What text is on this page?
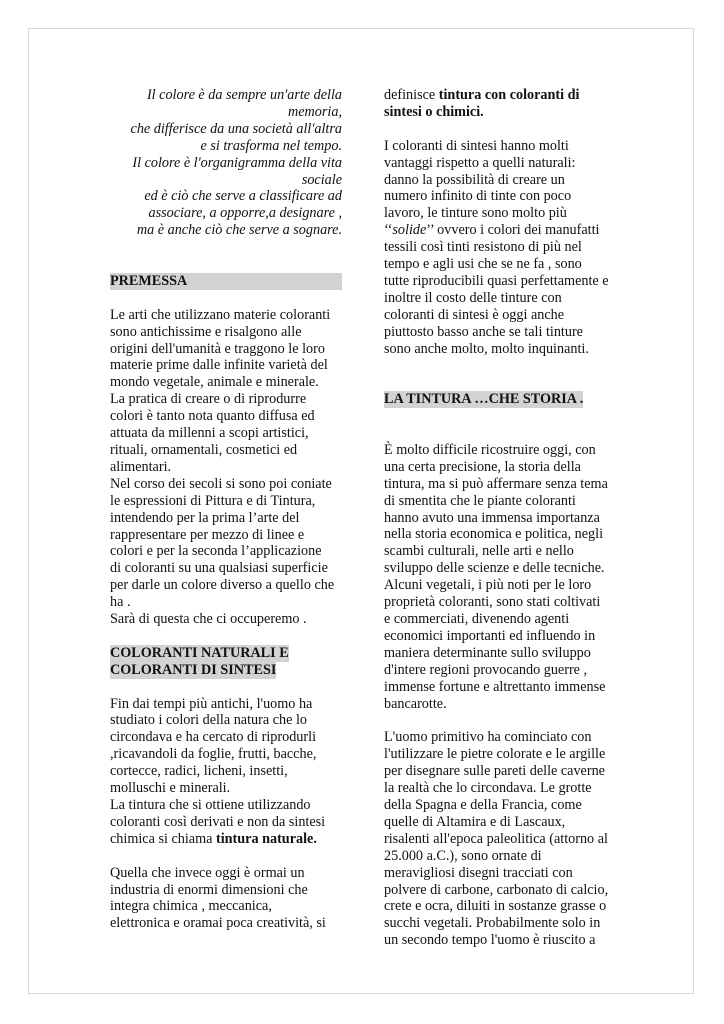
Il colore è da sempre un'arte della
memoria,
che differisce da una società all'altra
e si trasforma nel tempo.
Il colore è l'organigramma della vita
sociale
ed è ciò che serve a classificare ad
associare, a opporre,a designare ,
ma è anche ciò che serve a sognare.
PREMESSA
Le arti che utilizzano materie coloranti
sono antichissime e risalgono alle
origini dell'umanità e traggono le loro
materie prime dalle infinite varietà del
mondo vegetale, animale e minerale.
La pratica di creare o di riprodurre
colori è tanto nota quanto diffusa ed
attuata da millenni a scopi artistici,
rituali, ornamentali, cosmetici ed
alimentari.
Nel corso dei secoli si sono poi coniate
le espressioni di Pittura e di Tintura,
intendendo per la prima l’arte del
rappresentare per mezzo di linee e
colori e per la seconda l’applicazione
di coloranti su una qualsiasi superficie
per darle un colore diverso a quello che
ha .
Sarà di questa che ci occuperemo .
COLORANTI NATURALI E
COLORANTI DI SINTESI
Fin dai tempi più antichi, l'uomo ha
studiato i colori della natura che lo
circondava e ha cercato di riprodurli
,ricavandoli da foglie, frutti, bacche,
cortecce, radici, licheni, insetti,
molluschi e minerali.
La tintura che si ottiene utilizzando
coloranti così derivati e non da sintesi
chimica si chiama tintura naturale.
Quella che invece oggi è ormai un
industria di enormi dimensioni che
integra chimica , meccanica,
elettronica e oramai poca creatività, si
definisce tintura con coloranti di
sintesi o chimici.
I coloranti di sintesi hanno molti
vantaggi rispetto a quelli naturali:
danno la possibilità di creare un
numero infinito di tinte con poco
lavoro, le tinture sono molto più
‘‘solide’’ ovvero i colori dei manufatti
tessili così tinti resistono di più nel
tempo e agli usi che se ne fa , sono
tutte riproducibili quasi perfettamente e
inoltre il costo delle tinture con
coloranti di sintesi è oggi anche
piuttosto basso anche se tali tinture
sono anche molto, molto inquinanti.
LA TINTURA …CHE STORIA .
È molto difficile ricostruire oggi, con
una certa precisione, la storia della
tintura, ma si può affermare senza tema
di smentita che le piante coloranti
hanno avuto una immensa importanza
nella storia economica e politica, negli
scambi culturali, nelle arti e nello
sviluppo delle scienze e delle tecniche.
Alcuni vegetali, i più noti per le loro
proprietà coloranti, sono stati coltivati
e commerciati, divenendo agenti
economici importanti ed influendo in
maniera determinante sullo sviluppo
d'intere regioni provocando guerre ,
immense fortune e altrettanto immense
bancarotte.
L'uomo primitivo ha cominciato con
l'utilizzare le pietre colorate e le argille
per disegnare sulle pareti delle caverne
la realtà che lo circondava. Le grotte
della Spagna e della Francia, come
quelle di Altamira e di Lascaux,
risalenti all'epoca paleolitica (attorno al
25.000 a.C.), sono ornate di
meravigliosi disegni tracciati con
polvere di carbone, carbonato di calcio,
crete e ocra, diluiti in sostanze grasse o
succhi vegetali. Probabilmente solo in
un secondo tempo l'uomo è riuscito a
